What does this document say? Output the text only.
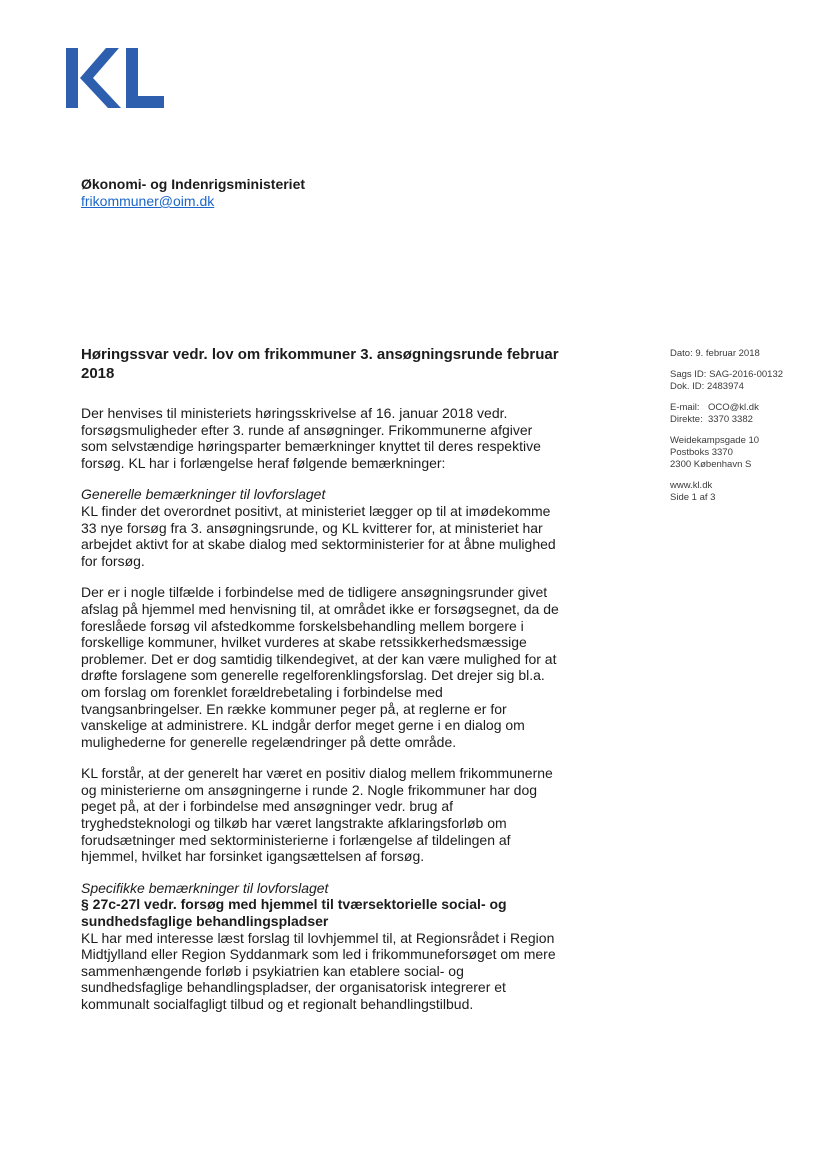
Økonomi- og Indenrigsministeriet
frikommuner@oim.dk
Dato: 9. februar 2018
Sags ID: SAG-2016-00132
Dok. ID: 2483974
E-mail: OCO@kl.dk
Direkte: 3370 3382
Weidekampsgade 10
Postboks 3370
2300 København S
www.kl.dk
Side 1 af 3
Høringssvar vedr. lov om frikommuner 3. ansøgningsrunde februar 2018

Der henvises til ministeriets høringsskrivelse af 16. januar 2018 vedr. forsøgsmuligheder efter 3. runde af ansøgninger. Frikommunerne afgiver som selvstændige høringsparter bemærkninger knyttet til deres respektive forsøg. KL har i forlængelse heraf følgende bemærkninger:

Generelle bemærkninger til lovforslaget

KL finder det overordnet positivt, at ministeriet lægger op til at imødekomme 33 nye forsøg fra 3. ansøgningsrunde, og KL kvitterer for, at ministeriet har arbejdet aktivt for at skabe dialog med sektorministerier for at åbne mulighed for forsøg.

Der er i nogle tilfælde i forbindelse med de tidligere ansøgningsrunder givet afslag på hjemmel med henvisning til, at området ikke er forsøgsegnet, da de foreslåede forsøg vil afstedkomme forskelsbehandling mellem borgere i forskellige kommuner, hvilket vurderes at skabe retssikkerhedsmæssige problemer. Det er dog samtidig tilkendegivet, at der kan være mulighed for at drøfte forslagene som generelle regelforenklingsforslag. Det drejer sig bl.a. om forslag om forenklet forældrebetaling i forbindelse med tvangsanbringelser. En række kommuner peger på, at reglerne er for vanskelige at administrere. KL indgår derfor meget gerne i en dialog om mulighederne for generelle regelændringer på dette område.

KL forstår, at der generelt har været en positiv dialog mellem frikommunerne og ministerierne om ansøgningerne i runde 2. Nogle frikommuner har dog peget på, at der i forbindelse med ansøgninger vedr. brug af tryghedsteknologi og tilkøb har været langstrakte afklaringsforløb om forudsætninger med sektorministerierne i forlængelse af tildelingen af hjemmel, hvilket har forsinket igangsættelsen af forsøg.

Specifikke bemærkninger til lovforslaget
§ 27c-27l vedr. forsøg med hjemmel til tværsektorielle social- og sundhedsfaglige behandlingspladser

KL har med interesse læst forslag til lovhjemmel til, at Regionsrådet i Region Midtjylland eller Region Syddanmark som led i frikommuneforsøget om mere sammenhængende forløb i psykiatrien kan etablere social- og sundhedsfaglige behandlingspladser, der organisatorisk integrerer et kommunalt socialfagligt tilbud og et regionalt behandlingstilbud.
